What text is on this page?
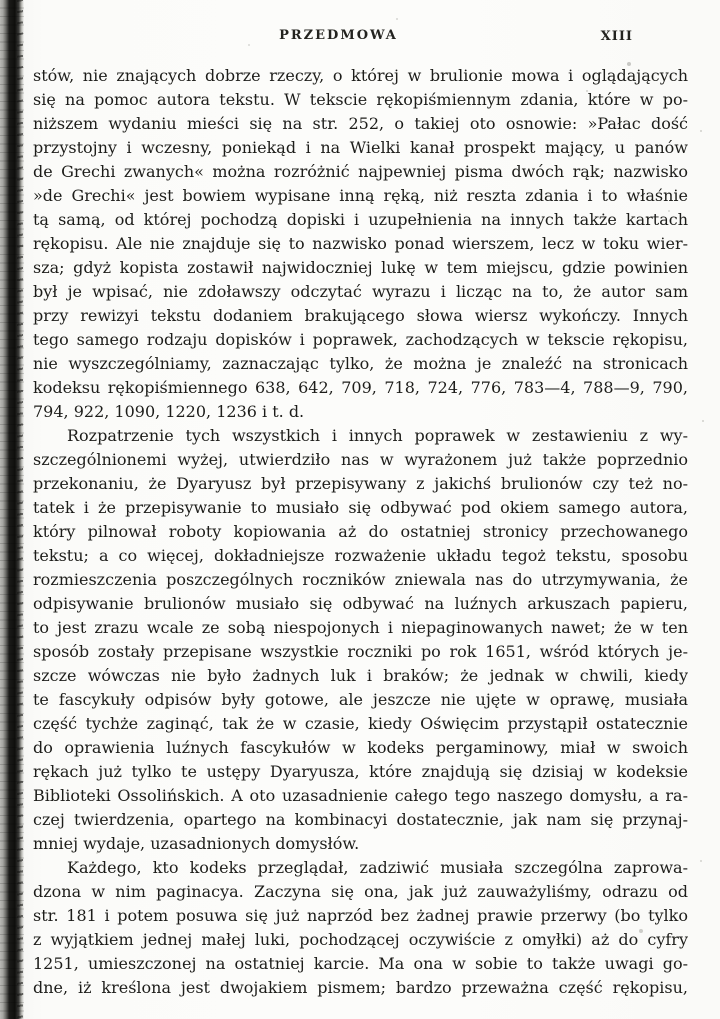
PRZEDMOWA	XIII
stów, nie znających dobrze rzeczy, o której w brulionie mowa i oglądających
się na pomoc autora tekstu. W tekscie rękopiśmiennym zdania, które w po-
niższem wydaniu mieści się na str. 252, o takiej oto osnowie: »Pałac dość
przystojny i wczesny, poniekąd i na Wielki kanał prospekt mający, u panów
de Grechi zwanych« można rozróżnić najpewniej pisma dwóch rąk; nazwisko
»de Grechi« jest bowiem wypisane inną ręką, niż reszta zdania i to właśnie
tą samą, od której pochodzą dopiski i uzupełnienia na innych także kartach
rękopisu. Ale nie znajduje się to nazwisko ponad wierszem, lecz w toku wier-
sza; gdyż kopista zostawił najwidoczniej lukę w tem miejscu, gdzie powinien
był je wpisać, nie zdoławszy odczytać wyrazu i licząc na to, że autor sam
przy rewizyi tekstu dodaniem brakującego słowa wiersz wykończy. Innych
tego samego rodzaju dopisków i poprawek, zachodzących w tekscie rękopisu,
nie wyszczególniamy, zaznaczając tylko, że można je znaleźć na stronicach
kodeksu rękopiśmiennego 638, 642, 709, 718, 724, 776, 783—4, 788—9, 790,
794, 922, 1090, 1220, 1236 i t. d.
Rozpatrzenie tych wszystkich i innych poprawek w zestawieniu z wy-
szczególnionemi wyżej, utwierdziło nas w wyrażonem już także poprzednio
przekonaniu, że Dyaryusz był przepisywany z jakichś brulionów czy też no-
tatek i że przepisywanie to musiało się odbywać pod okiem samego autora,
który pilnował roboty kopiowania aż do ostatniej stronicy przechowanego
tekstu; a co więcej, dokładniejsze rozważenie układu tegoż tekstu, sposobu
rozmieszczenia poszczególnych roczników zniewala nas do utrzymywania, że
odpisywanie brulionów musiało się odbywać na luźnych arkuszach papieru,
to jest zrazu wcale ze sobą niespojonych i niepaginowanych nawet; że w ten
sposób zostały przepisane wszystkie roczniki po rok 1651, wśród których je-
szcze wówczas nie było żadnych luk i braków; że jednak w chwili, kiedy
te fascykuły odpisów były gotowe, ale jeszcze nie ujęte w oprawę, musiała
część tychże zaginąć, tak że w czasie, kiedy Oświęcim przystąpił ostatecznie
do oprawienia luźnych fascykułów w kodeks pergaminowy, miał w swoich
rękach już tylko te ustępy Dyaryusza, które znajdują się dzisiaj w kodeksie
Biblioteki Ossolińskich. A oto uzasadnienie całego tego naszego domysłu, a ra-
czej twierdzenia, opartego na kombinacyi dostatecznie, jak nam się przynaj-
mniej wydaje, uzasadnionych domysłów.
Każdego, kto kodeks przeglądał, zadziwić musiała szczególna zaprowa-
dzona w nim paginacya. Zaczyna się ona, jak już zauważyliśmy, odrazu od
str. 181 i potem posuwa się już naprzód bez żadnej prawie przerwy (bo tylko
z wyjątkiem jednej małej luki, pochodzącej oczywiście z omyłki) aż do cyfry
1251, umieszczonej na ostatniej karcie. Ma ona w sobie to także uwagi go-
dne, iż kreślona jest dwojakiem pismem; bardzo przeważna część rękopisu,
